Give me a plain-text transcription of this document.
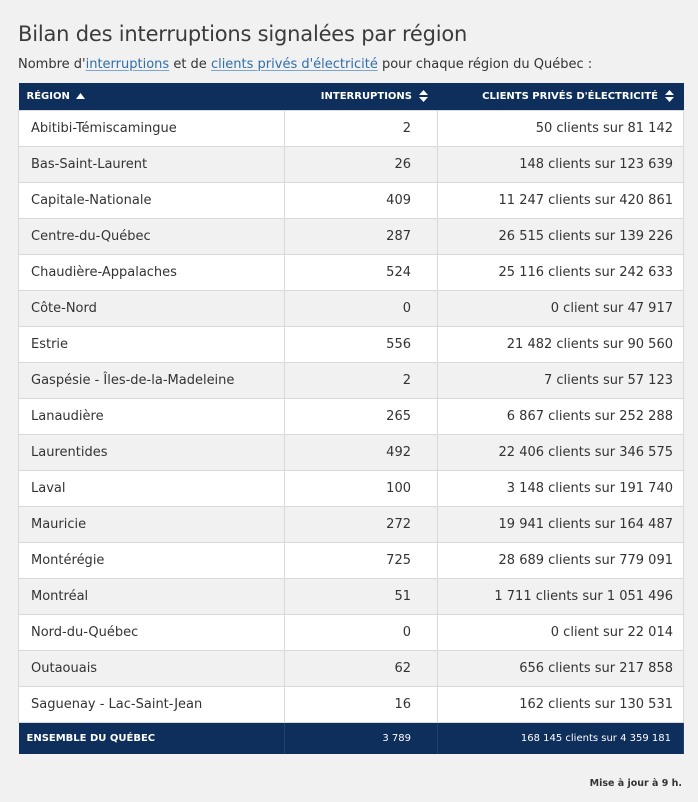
Bilan des interruptions signalées par région
Nombre d'interruptions et de clients privés d'électricité pour chaque région du Québec :
RÉGION	INTERRUPTIONS	CLIENTS PRIVÉS D'ÉLECTRICITÉ
Abitibi-Témiscamingue	2	50 clients sur 81 142
Bas-Saint-Laurent	26	148 clients sur 123 639
Capitale-Nationale	409	11 247 clients sur 420 861
Centre-du-Québec	287	26 515 clients sur 139 226
Chaudière-Appalaches	524	25 116 clients sur 242 633
Côte-Nord	0	0 client sur 47 917
Estrie	556	21 482 clients sur 90 560
Gaspésie - Îles-de-la-Madeleine	2	7 clients sur 57 123
Lanaudière	265	6 867 clients sur 252 288
Laurentides	492	22 406 clients sur 346 575
Laval	100	3 148 clients sur 191 740
Mauricie	272	19 941 clients sur 164 487
Montérégie	725	28 689 clients sur 779 091
Montréal	51	1 711 clients sur 1 051 496
Nord-du-Québec	0	0 client sur 22 014
Outaouais	62	656 clients sur 217 858
Saguenay - Lac-Saint-Jean	16	162 clients sur 130 531
ENSEMBLE DU QUÉBEC	3 789	168 145 clients sur 4 359 181
Mise à jour à 9 h.
